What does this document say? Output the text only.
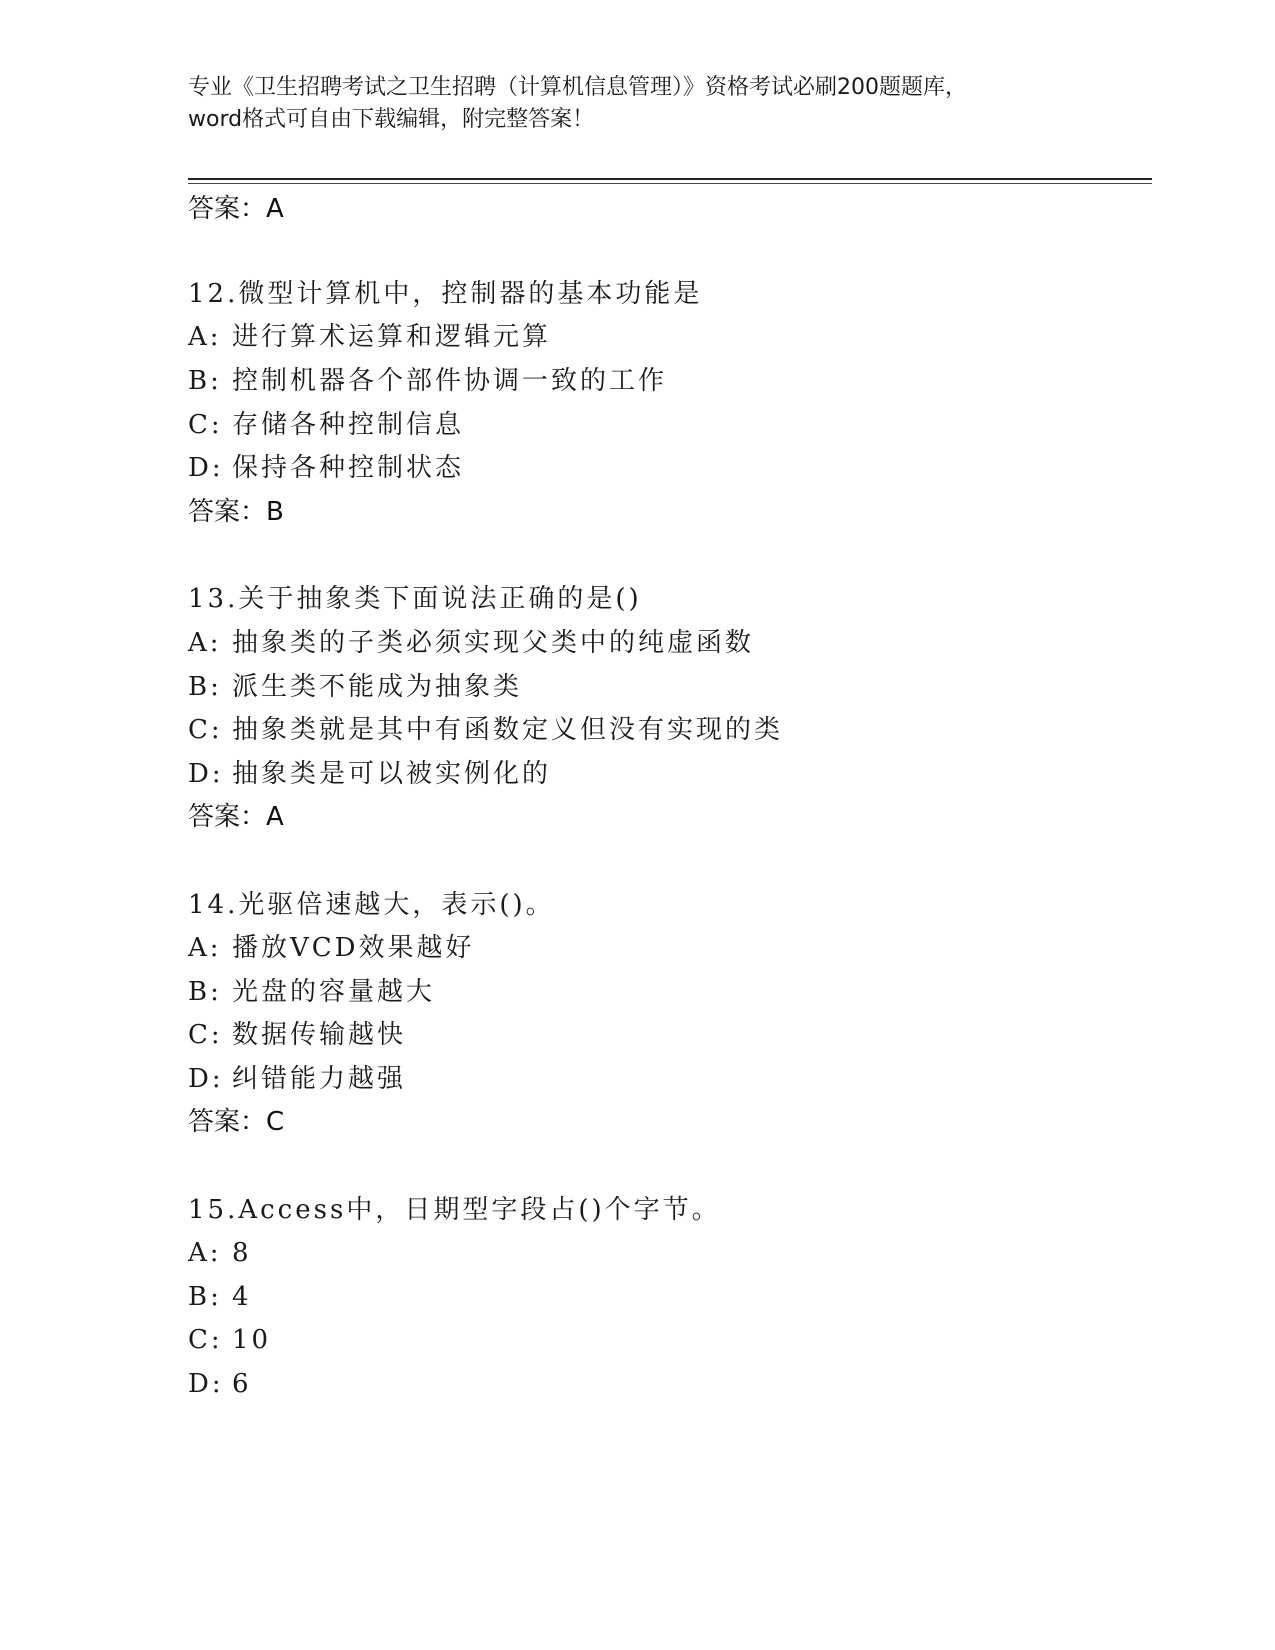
专业《卫生招聘考试之卫生招聘（计算机信息管理）》资格考试必刷200题题库，
word格式可自由下载编辑，附完整答案！
答案：A
12.微型计算机中，控制器的基本功能是
A: 进行算术运算和逻辑元算
B: 控制机器各个部件协调一致的工作
C: 存储各种控制信息
D: 保持各种控制状态
答案：B
13.关于抽象类下面说法正确的是()
A: 抽象类的子类必须实现父类中的纯虚函数
B: 派生类不能成为抽象类
C: 抽象类就是其中有函数定义但没有实现的类
D: 抽象类是可以被实例化的
答案：A
14.光驱倍速越大，表示()。
A: 播放VCD效果越好
B: 光盘的容量越大
C: 数据传输越快
D: 纠错能力越强
答案：C
15.Access中，日期型字段占()个字节。
A: 8
B: 4
C: 10
D: 6
